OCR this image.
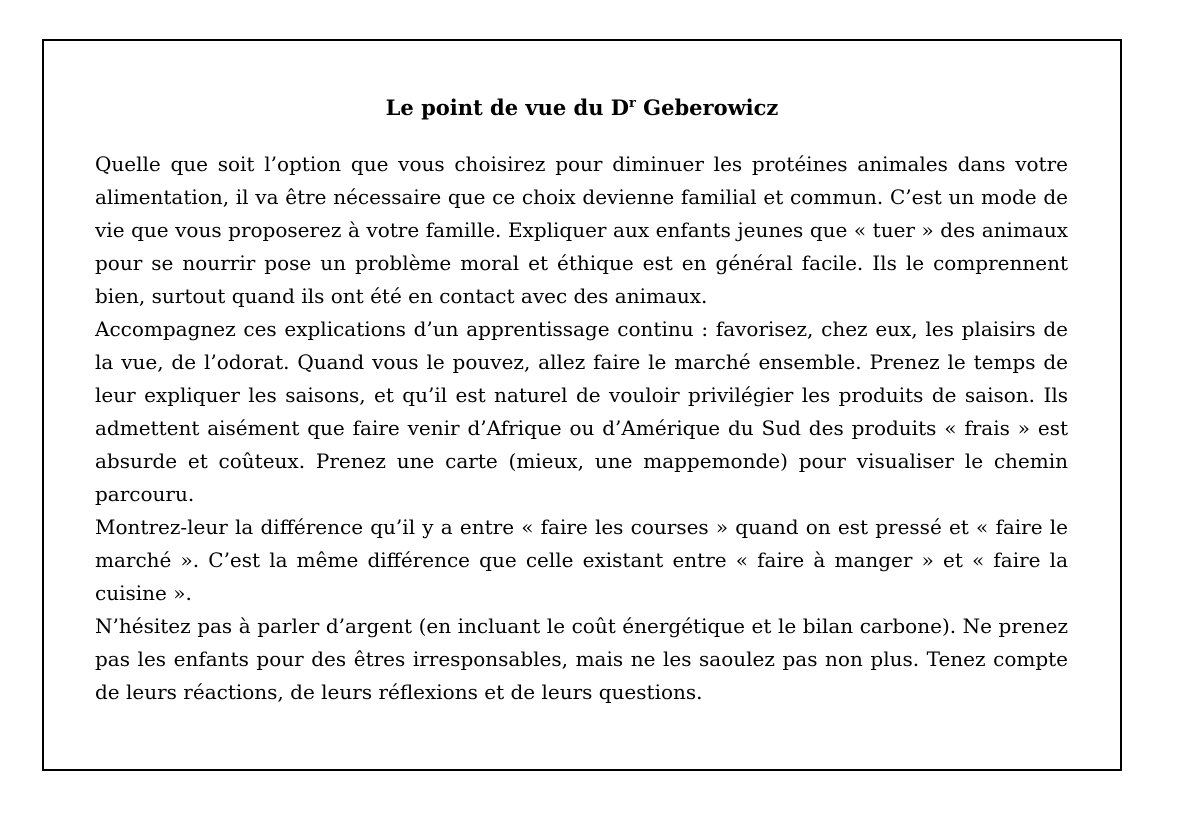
Le point de vue du $D^r$ Geberowicz

Quelle que soit l’option que vous choisirez pour diminuer les protéines animales dans votre alimentation, il va être nécessaire que ce choix devienne familial et commun. C’est un mode de vie que vous proposerez à votre famille. Expliquer aux enfants jeunes que « tuer » des animaux pour se nourrir pose un problème moral et éthique est en général facile. Ils le comprennent bien, surtout quand ils ont été en contact avec des animaux.

Accompagnez ces explications d’un apprentissage continu : favorisez, chez eux, les plaisirs de la vue, de l’odorat. Quand vous le pouvez, allez faire le marché ensemble. Prenez le temps de leur expliquer les saisons, et qu’il est naturel de vouloir privilégier les produits de saison. Ils admettent aisément que faire venir d’Afrique ou d’Amérique du Sud des produits « frais » est absurde et coûteux. Prenez une carte (mieux, une mappemonde) pour visualiser le chemin parcouru.

Montrez-leur la différence qu’il y a entre « faire les courses » quand on est pressé et « faire le marché ». C’est la même différence que celle existant entre « faire à manger » et « faire la cuisine ».

N’hésitez pas à parler d’argent (en incluant le coût énergétique et le bilan carbone). Ne prenez pas les enfants pour des êtres irresponsables, mais ne les saoulez pas non plus. Tenez compte de leurs réactions, de leurs réflexions et de leurs questions.
